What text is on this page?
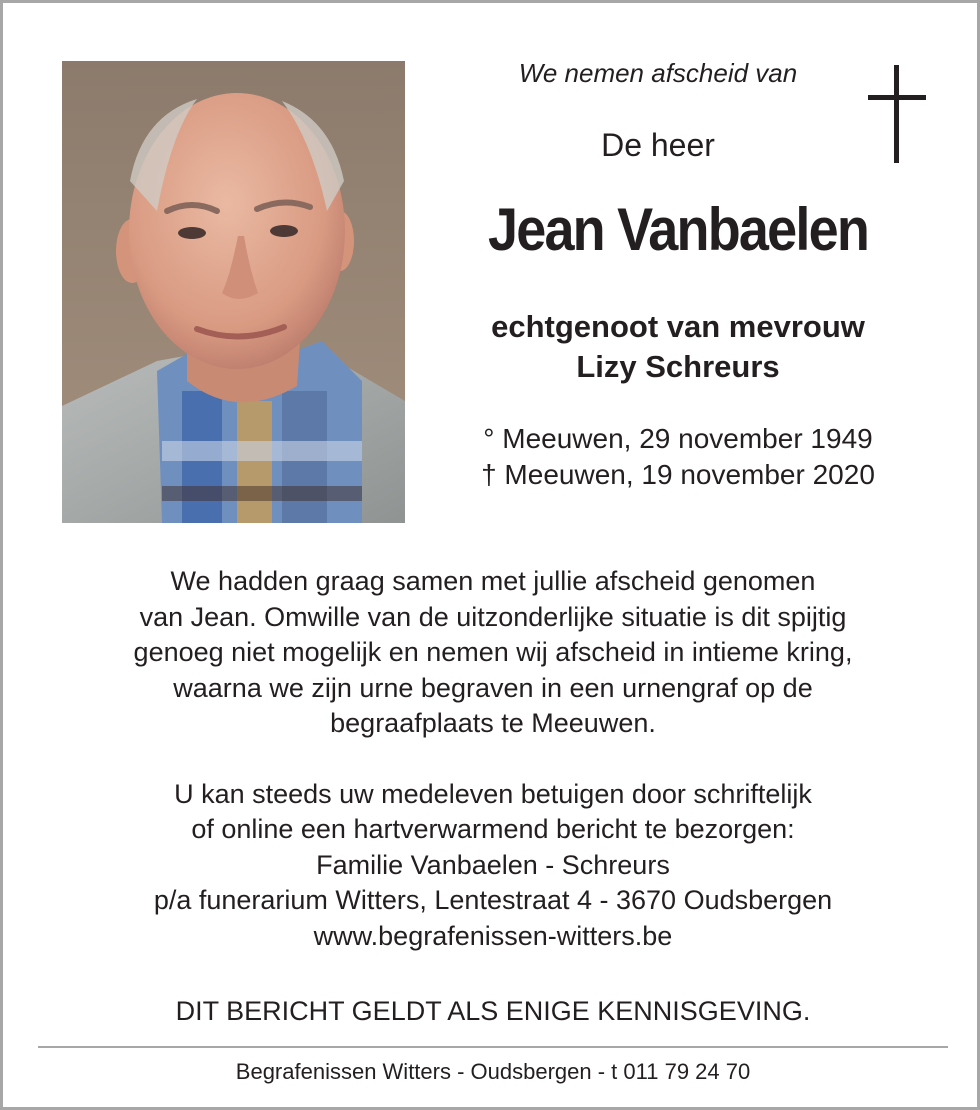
We nemen afscheid van
De heer
Jean Vanbaelen
echtgenoot van mevrouw
Lizy Schreurs
° Meeuwen, 29 november 1949
† Meeuwen, 19 november 2020

We hadden graag samen met jullie afscheid genomen

van Jean. Omwille van de uitzonderlijke situatie is dit spijtig

genoeg niet mogelijk en nemen wij afscheid in intieme kring,

waarna we zijn urne begraven in een urnengraf op de

begraafplaats te Meeuwen.

U kan steeds uw medeleven betuigen door schriftelijk

of online een hartverwarmend bericht te bezorgen:

Familie Vanbaelen - Schreurs

p/a funerarium Witters, Lentestraat 4 - 3670 Oudsbergen

www.begrafenissen-witters.be

DIT BERICHT GELDT ALS ENIGE KENNISGEVING.
Begrafenissen Witters - Oudsbergen - t 011 79 24 70
